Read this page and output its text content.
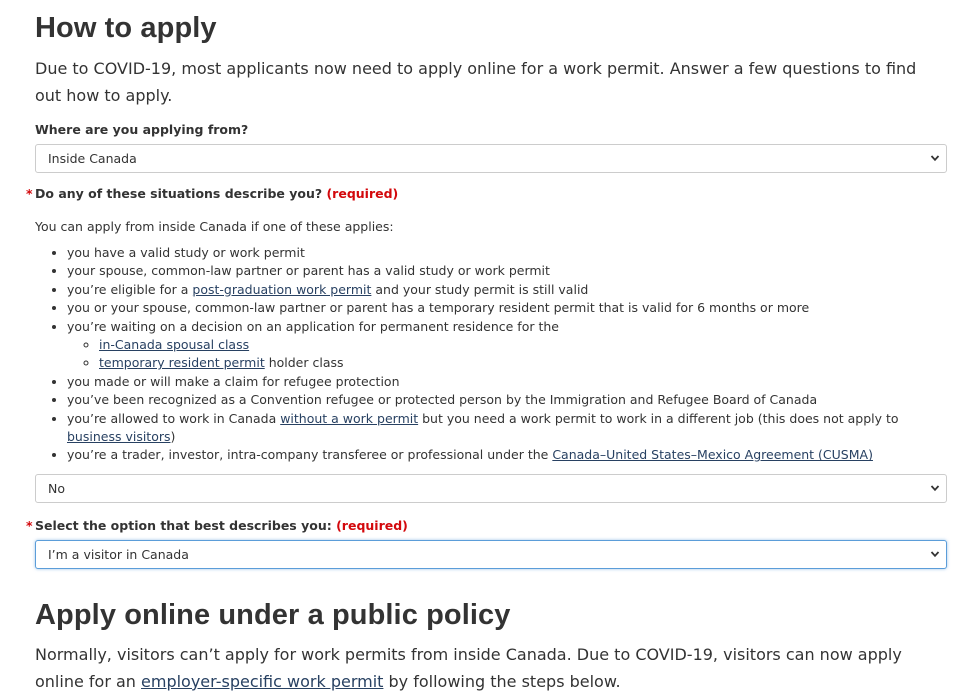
How to apply

Due to COVID-19, most applicants now need to apply online for a work permit. Answer a few questions to find out how to apply.

Where are you applying from?
Inside Canada
* Do any of these situations describe you? (required)
You can apply from inside Canada if one of these applies:
• you have a valid study or work permit
• your spouse, common-law partner or parent has a valid study or work permit
• you’re eligible for a post-graduation work permit and your study permit is still valid
• you or your spouse, common-law partner or parent has a temporary resident permit that is valid for 6 months or more
• you’re waiting on a decision on an application for permanent residence for the
◦ in-Canada spousal class
◦ temporary resident permit holder class
• you made or will make a claim for refugee protection
• you’ve been recognized as a Convention refugee or protected person by the Immigration and Refugee Board of Canada
• you’re allowed to work in Canada without a work permit but you need a work permit to work in a different job (this does not apply to business visitors)
• you’re a trader, investor, intra-company transferee or professional under the Canada–United States–Mexico Agreement (CUSMA)
No
* Select the option that best describes you: (required)
I’m a visitor in Canada
Apply online under a public policy

Normally, visitors can’t apply for work permits from inside Canada. Due to COVID-19, visitors can now apply online for an employer-specific work permit by following the steps below.
